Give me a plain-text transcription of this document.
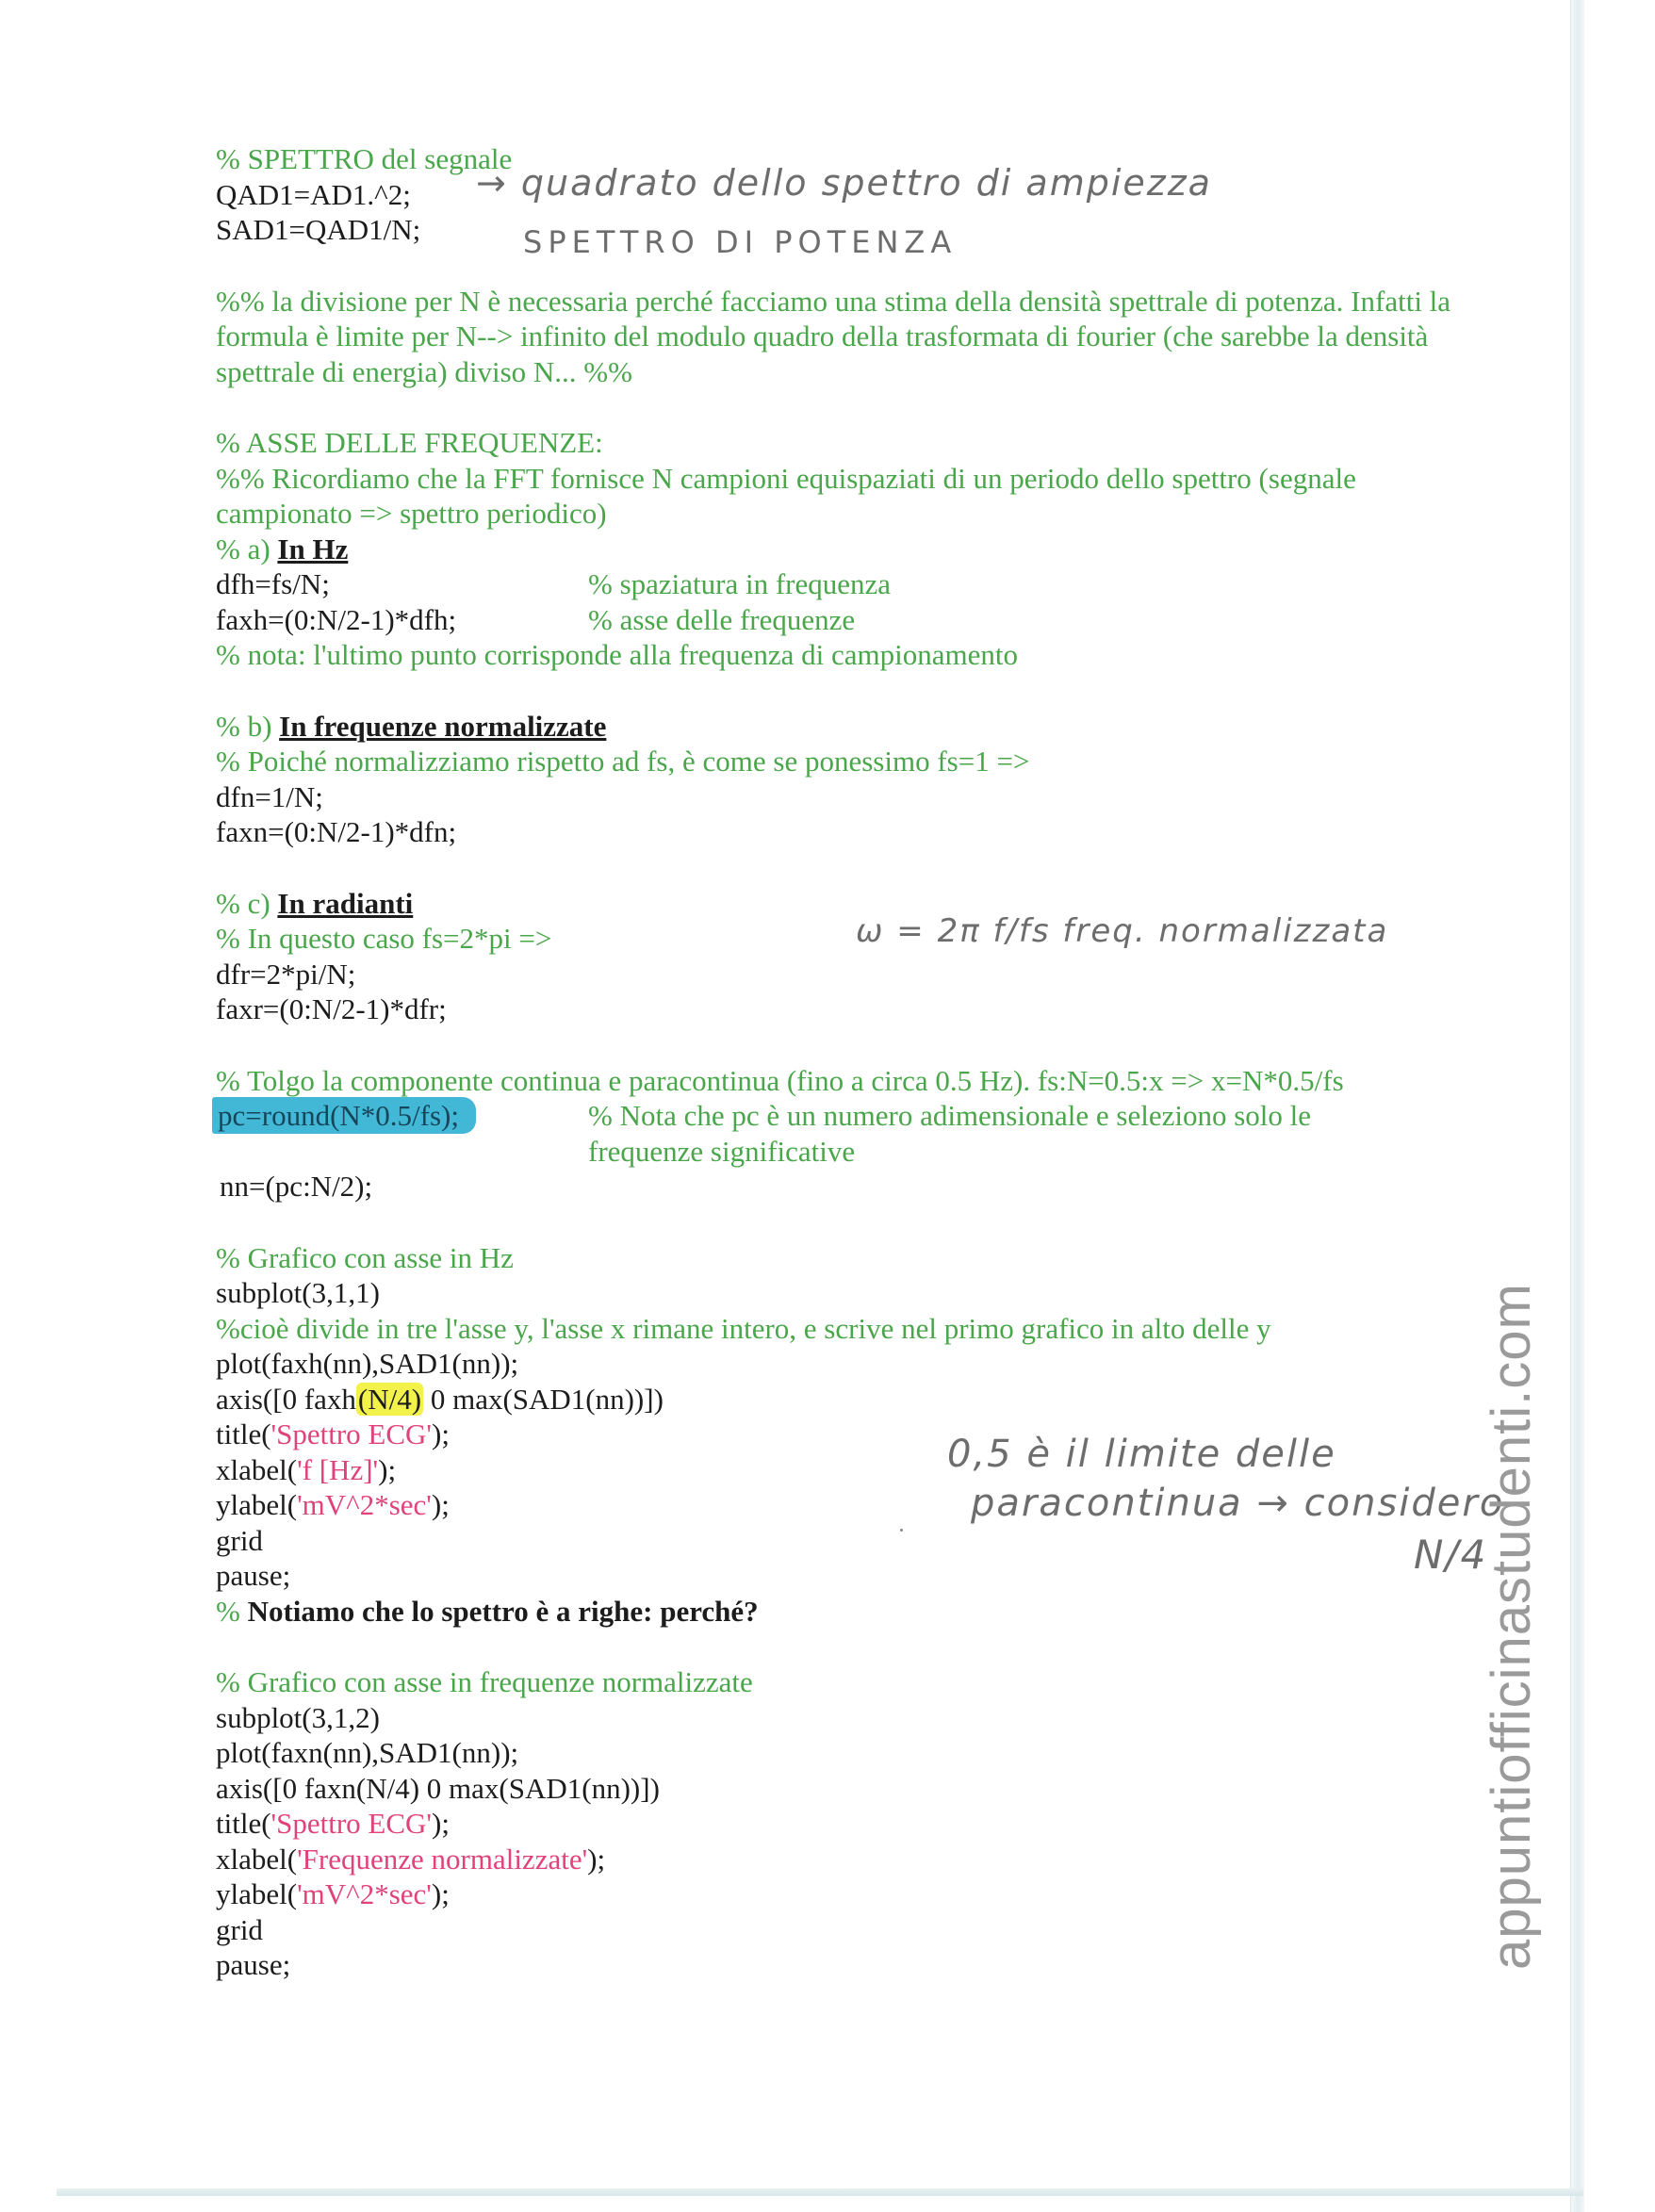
% SPETTRO del segnale
QAD1=AD1.^2;
SAD1=QAD1/N;
%% la divisione per N è necessaria perché facciamo una stima della densità spettrale di potenza. Infatti la formula è limite per N--> infinito del modulo quadro della trasformata di fourier (che sarebbe la densità spettrale di energia) diviso N... %%
% ASSE DELLE FREQUENZE:
%% Ricordiamo che la FFT fornisce N campioni equispaziati di un periodo dello spettro (segnale campionato => spettro periodico)
% a) In Hz
dfh=fs/N;	% spaziatura in frequenza
faxh=(0:N/2-1)*dfh;	% asse delle frequenze
% nota: l'ultimo punto corrisponde alla frequenza di campionamento
% b) In frequenze normalizzate
% Poiché normalizziamo rispetto ad fs, è come se ponessimo fs=1 =>
dfn=1/N;
faxn=(0:N/2-1)*dfn;
% c) In radianti
% In questo caso fs=2*pi =>
dfr=2*pi/N;
faxr=(0:N/2-1)*dfr;
% Tolgo la componente continua e paracontinua (fino a circa 0.5 Hz). fs:N=0.5:x => x=N*0.5/fs
pc=round(N*0.5/fs);	% Nota che pc è un numero adimensionale e seleziono solo le
frequenze significative
nn=(pc:N/2);
% Grafico con asse in Hz
subplot(3,1,1)
%cioè divide in tre l'asse y, l'asse x rimane intero, e scrive nel primo grafico in alto delle y
plot(faxh(nn),SAD1(nn));
axis([0 faxh(N/4) 0 max(SAD1(nn))])
title('Spettro ECG');
xlabel('f [Hz]');
ylabel('mV^2*sec');
grid
pause;
% Notiamo che lo spettro è a righe: perché?
% Grafico con asse in frequenze normalizzate
subplot(3,1,2)
plot(faxn(nn),SAD1(nn));
axis([0 faxn(N/4) 0 max(SAD1(nn))])
title('Spettro ECG');
xlabel('Frequenze normalizzate');
ylabel('mV^2*sec');
grid
pause;
→ quadrato dello spettro di ampiezza
SPETTRO DI POTENZA
ω = 2π f/fs freq. normalizzata
0,5 è il limite delle
paracontinua → considero
N/4
appuntiofficinastudenti.com
